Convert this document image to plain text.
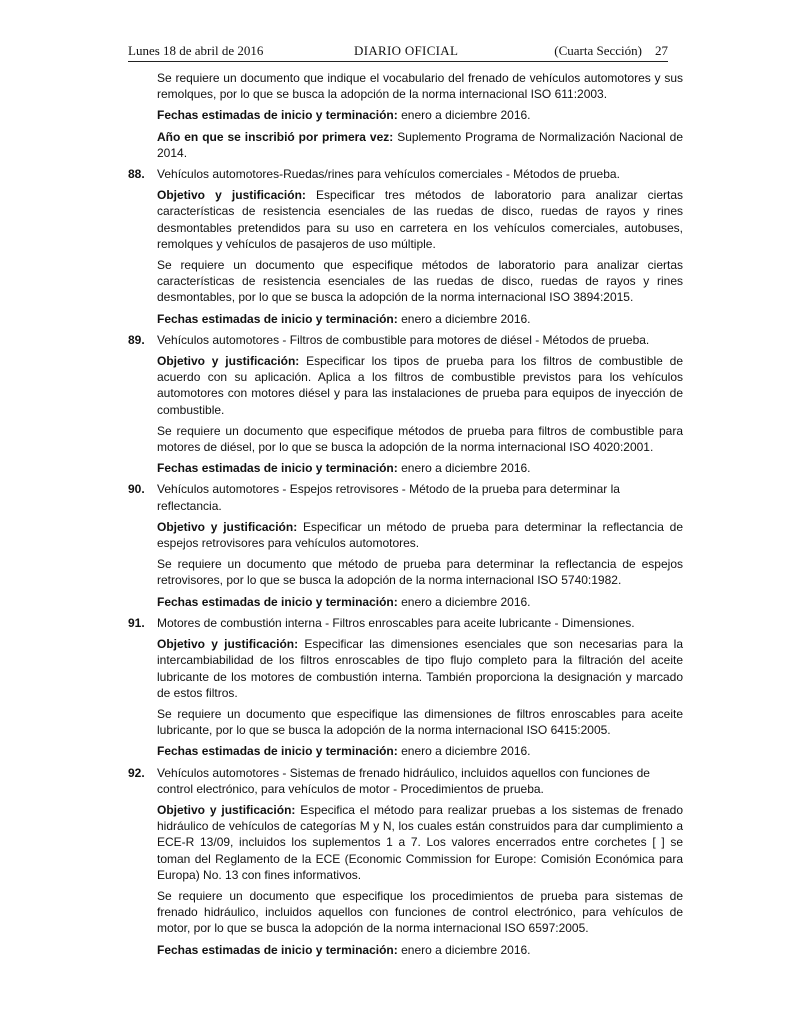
Lunes 18 de abril de 2016	DIARIO OFICIAL	(Cuarta Sección) 27

Se requiere un documento que indique el vocabulario del frenado de vehículos automotores y sus remolques, por lo que se busca la adopción de la norma internacional ISO 611:2003.

Fechas estimadas de inicio y terminación: enero a diciembre 2016.

Año en que se inscribió por primera vez: Suplemento Programa de Normalización Nacional de 2014.

88. Vehículos automotores-Ruedas/rines para vehículos comerciales - Métodos de prueba.

Objetivo y justificación: Especificar tres métodos de laboratorio para analizar ciertas características de resistencia esenciales de las ruedas de disco, ruedas de rayos y rines desmontables pretendidos para su uso en carretera en los vehículos comerciales, autobuses, remolques y vehículos de pasajeros de uso múltiple.

Se requiere un documento que especifique métodos de laboratorio para analizar ciertas características de resistencia esenciales de las ruedas de disco, ruedas de rayos y rines desmontables, por lo que se busca la adopción de la norma internacional ISO 3894:2015.

Fechas estimadas de inicio y terminación: enero a diciembre 2016.

89. Vehículos automotores - Filtros de combustible para motores de diésel - Métodos de prueba.

Objetivo y justificación: Especificar los tipos de prueba para los filtros de combustible de acuerdo con su aplicación. Aplica a los filtros de combustible previstos para los vehículos automotores con motores diésel y para las instalaciones de prueba para equipos de inyección de combustible.

Se requiere un documento que especifique métodos de prueba para filtros de combustible para motores de diésel, por lo que se busca la adopción de la norma internacional ISO 4020:2001.

Fechas estimadas de inicio y terminación: enero a diciembre 2016.

90. Vehículos automotores - Espejos retrovisores - Método de la prueba para determinar la reflectancia.

Objetivo y justificación: Especificar un método de prueba para determinar la reflectancia de espejos retrovisores para vehículos automotores.

Se requiere un documento que método de prueba para determinar la reflectancia de espejos retrovisores, por lo que se busca la adopción de la norma internacional ISO 5740:1982.

Fechas estimadas de inicio y terminación: enero a diciembre 2016.

91. Motores de combustión interna - Filtros enroscables para aceite lubricante - Dimensiones.

Objetivo y justificación: Especificar las dimensiones esenciales que son necesarias para la intercambiabilidad de los filtros enroscables de tipo flujo completo para la filtración del aceite lubricante de los motores de combustión interna. También proporciona la designación y marcado de estos filtros.

Se requiere un documento que especifique las dimensiones de filtros enroscables para aceite lubricante, por lo que se busca la adopción de la norma internacional ISO 6415:2005.

Fechas estimadas de inicio y terminación: enero a diciembre 2016.

92. Vehículos automotores - Sistemas de frenado hidráulico, incluidos aquellos con funciones de control electrónico, para vehículos de motor - Procedimientos de prueba.

Objetivo y justificación: Especifica el método para realizar pruebas a los sistemas de frenado hidráulico de vehículos de categorías M y N, los cuales están construidos para dar cumplimiento a ECE-R 13/09, incluidos los suplementos 1 a 7. Los valores encerrados entre corchetes [ ] se toman del Reglamento de la ECE (Economic Commission for Europe: Comisión Económica para Europa) No. 13 con fines informativos.

Se requiere un documento que especifique los procedimientos de prueba para sistemas de frenado hidráulico, incluidos aquellos con funciones de control electrónico, para vehículos de motor, por lo que se busca la adopción de la norma internacional ISO 6597:2005.

Fechas estimadas de inicio y terminación: enero a diciembre 2016.
